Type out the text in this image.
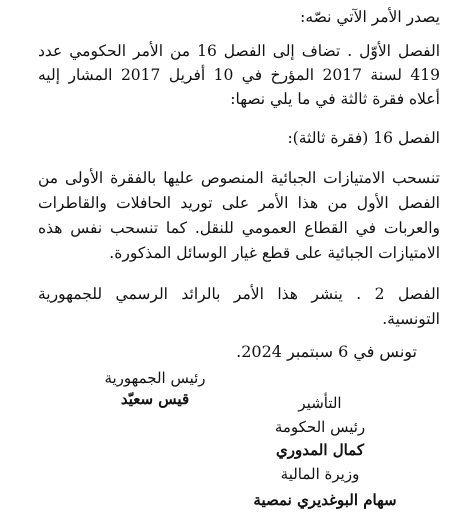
يصدر الأمر الآتي نصّه:
الفصل الأوّل . تضاف إلى الفصل 16 من الأمر الحكومي عدد
419 لسنة 2017 المؤرخ في 10 أفريل 2017 المشار إليه
أعلاه فقرة ثالثة في ما يلي نصها:
الفصل 16 (فقرة ثالثة):
تنسحب الامتيازات الجبائية المنصوص عليها بالفقرة الأولى من
الفصل الأول من هذا الأمر على توريد الحافلات والقاطرات
والعربات في القطاع العمومي للنقل. كما تنسحب نفس هذه
الامتيازات الجبائية على قطع غيار الوسائل المذكورة.
الفصل 2 . ينشر هذا الأمر بالرائد الرسمي للجمهورية
التونسية.
تونس في 6 سبتمبر 2024.
رئيس الجمهورية
قيس سعيّد	التأشير
رئيس الحكومة
كمال المدوري
وزيرة المالية
سهام البوغديري نمصية
